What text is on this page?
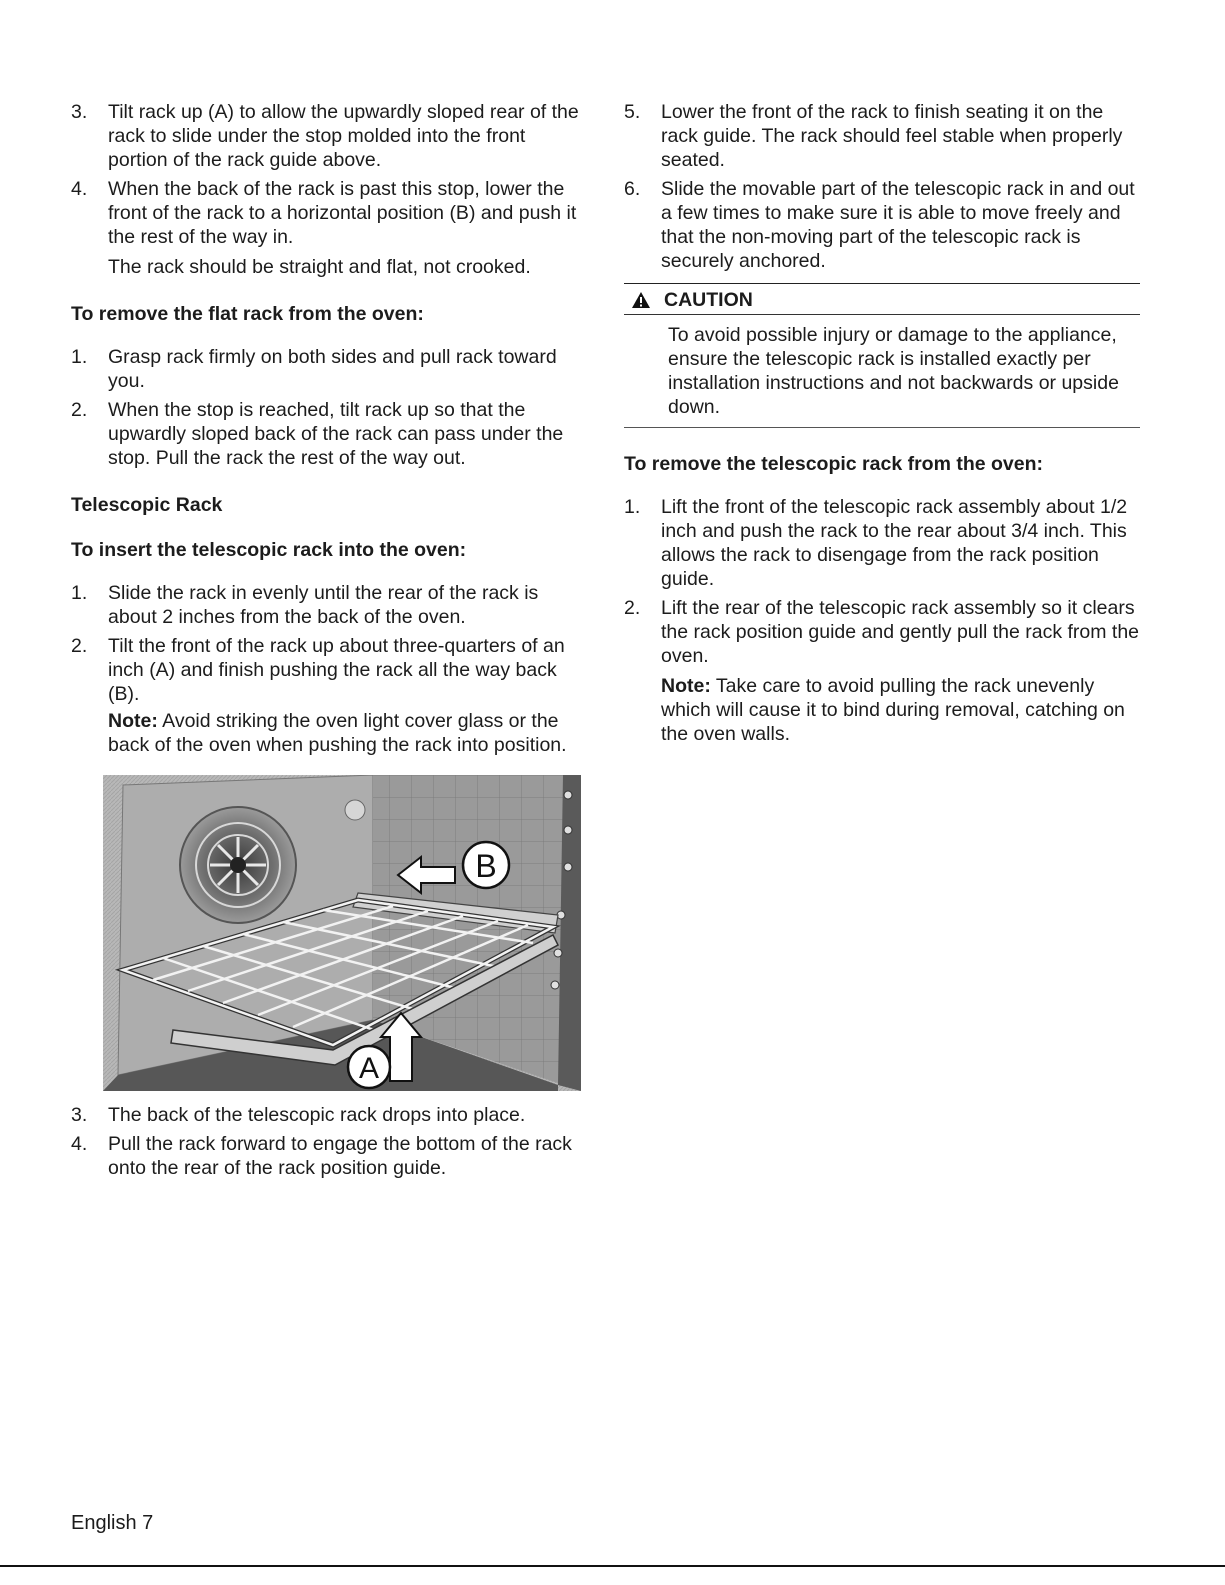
3. Tilt rack up (A) to allow the upwardly sloped rear of the rack to slide under the stop molded into the front portion of the rack guide above.
4. When the back of the rack is past this stop, lower the front of the rack to a horizontal position (B) and push it the rest of the way in.
The rack should be straight and flat, not crooked.
To remove the flat rack from the oven:
1. Grasp rack firmly on both sides and pull rack toward you.
2. When the stop is reached, tilt rack up so that the upwardly sloped back of the rack can pass under the stop. Pull the rack the rest of the way out.
Telescopic Rack
To insert the telescopic rack into the oven:
1. Slide the rack in evenly until the rear of the rack is about 2 inches from the back of the oven.
2. Tilt the front of the rack up about three-quarters of an inch (A) and finish pushing the rack all the way back (B).
Note: Avoid striking the oven light cover glass or the back of the oven when pushing the rack into position.
B
A
3. The back of the telescopic rack drops into place.
4. Pull the rack forward to engage the bottom of the rack onto the rear of the rack position guide.
5. Lower the front of the rack to finish seating it on the rack guide. The rack should feel stable when properly seated.
6. Slide the movable part of the telescopic rack in and out a few times to make sure it is able to move freely and that the non-moving part of the telescopic rack is securely anchored.
CAUTION
To avoid possible injury or damage to the appliance, ensure the telescopic rack is installed exactly per installation instructions and not backwards or upside down.
To remove the telescopic rack from the oven:
1. Lift the front of the telescopic rack assembly about 1/2 inch and push the rack to the rear about 3/4 inch. This allows the rack to disengage from the rack position guide.
2. Lift the rear of the telescopic rack assembly so it clears the rack position guide and gently pull the rack from the oven.
Note: Take care to avoid pulling the rack unevenly which will cause it to bind during removal, catching on the oven walls.
English 7
